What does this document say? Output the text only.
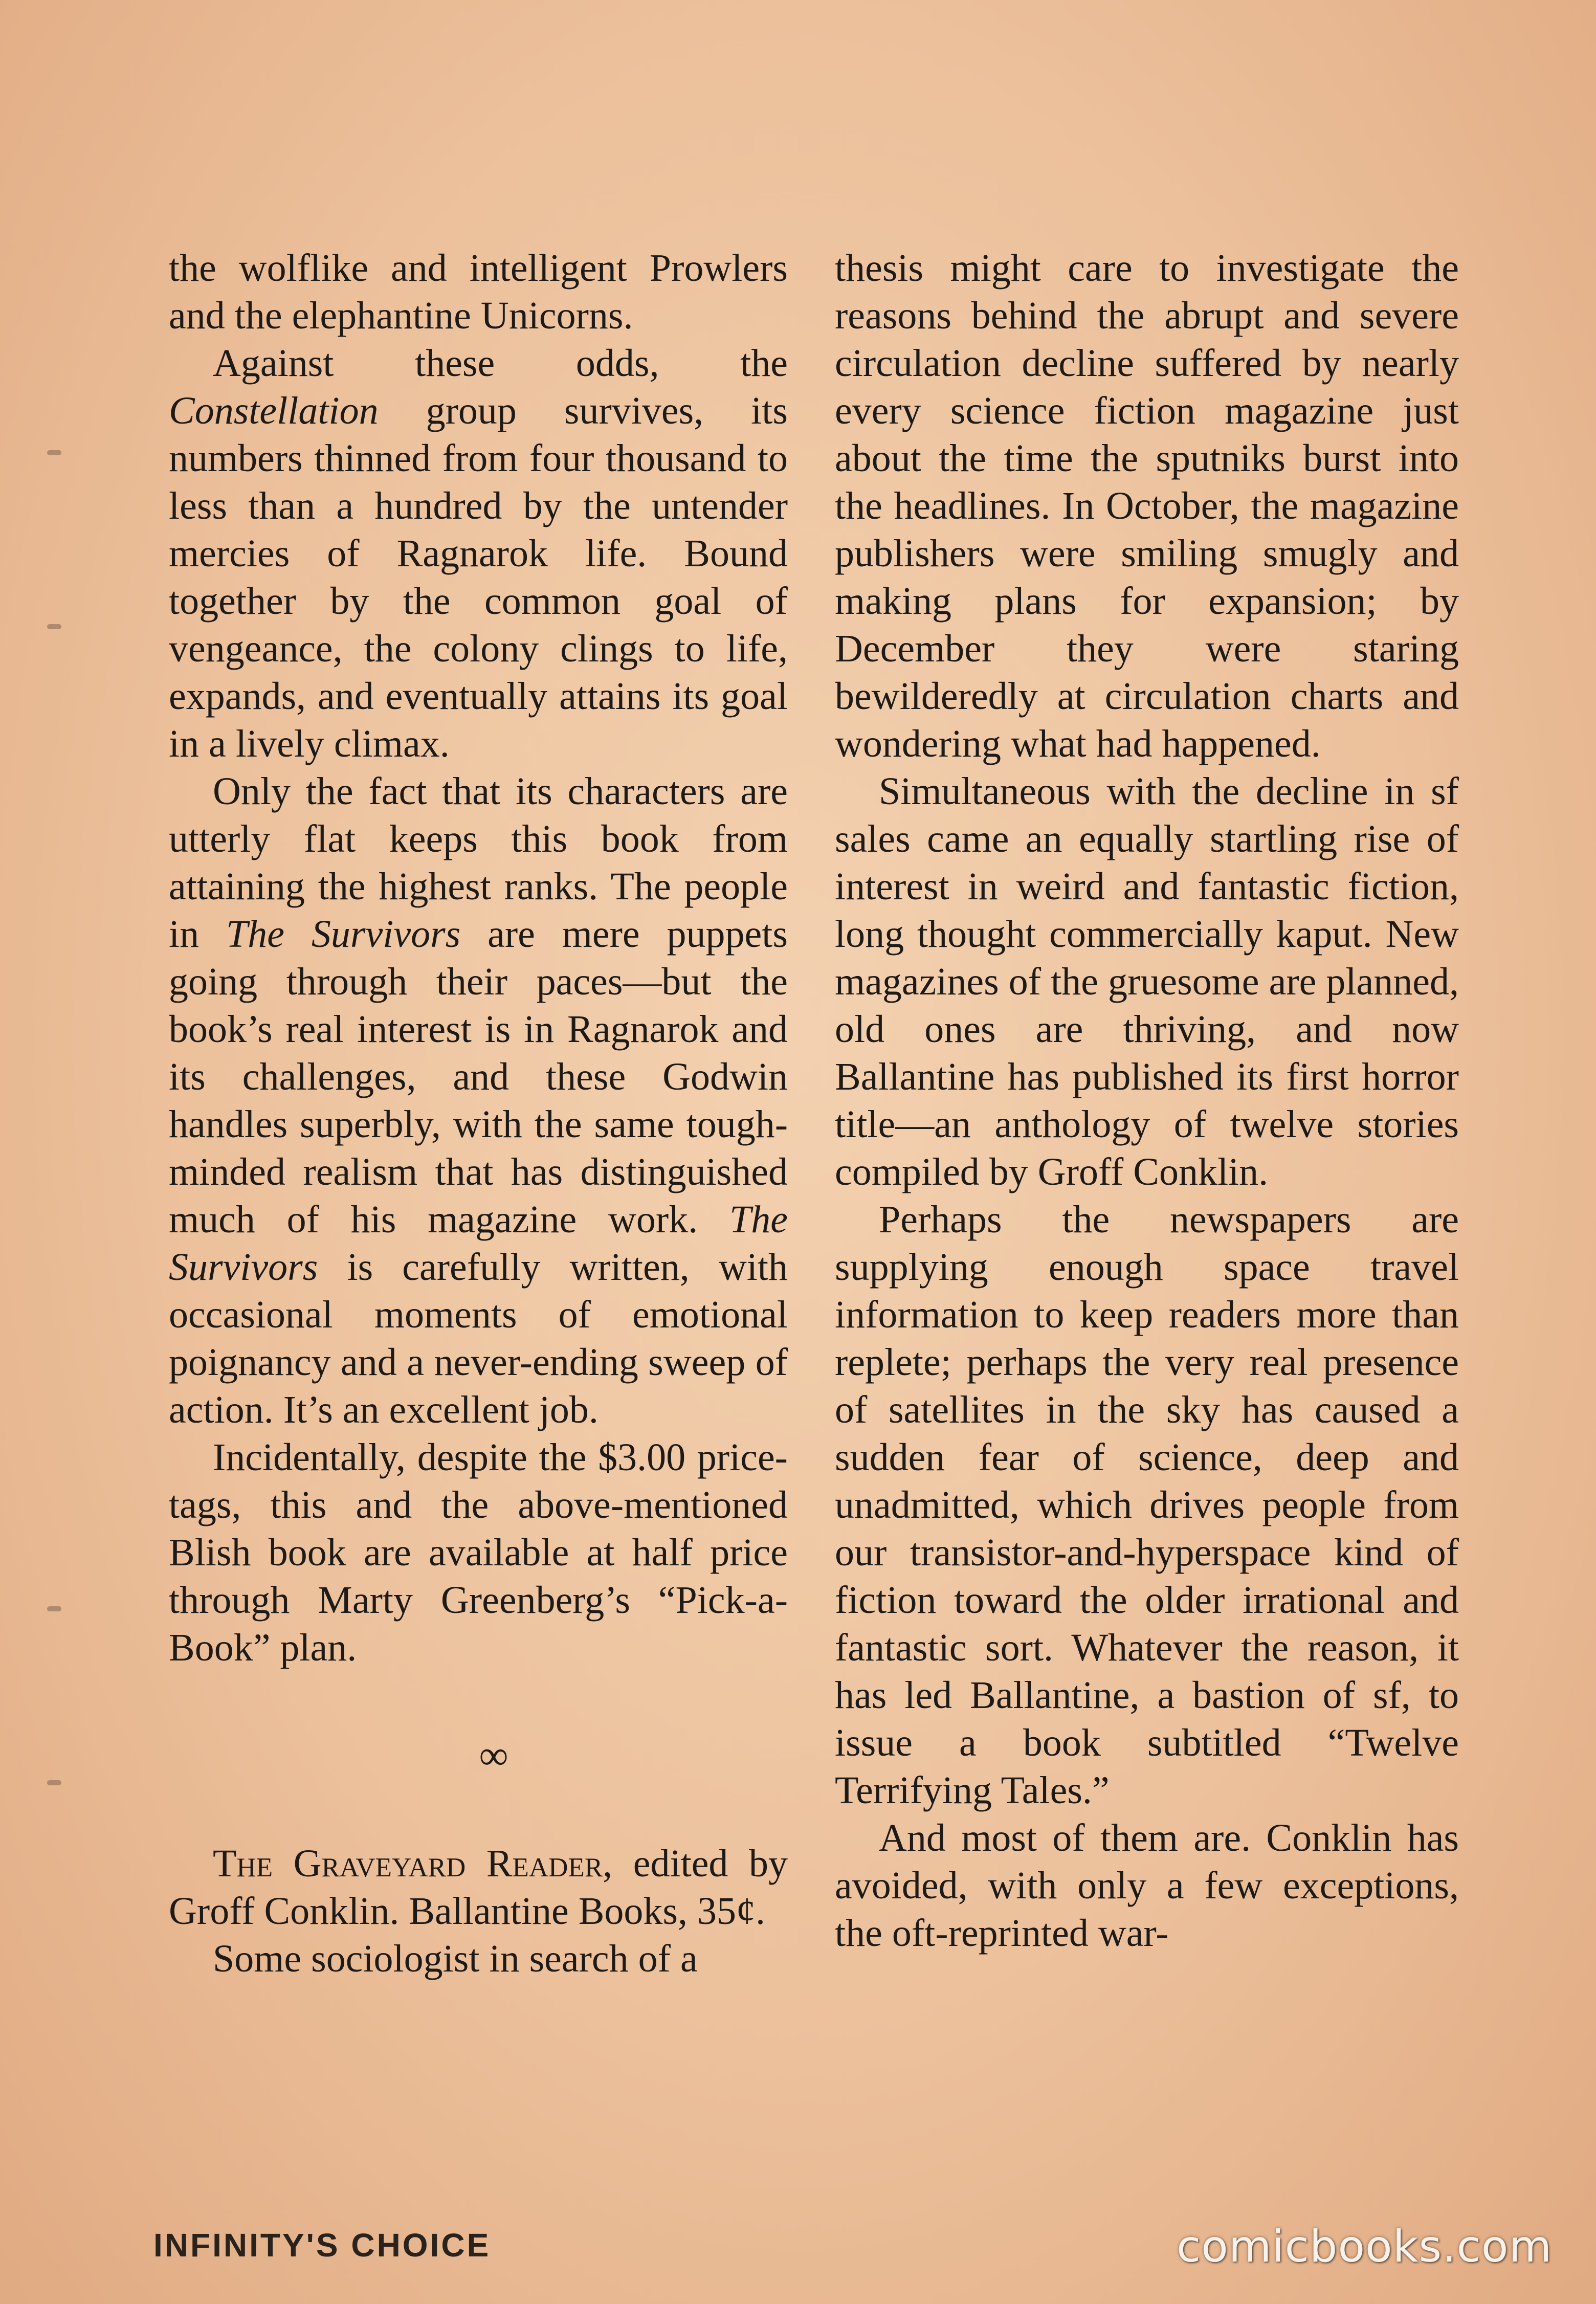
the wolflike and intelligent Prowlers and the elephantine Unicorns.

Against these odds, the Constellation group survives, its numbers thinned from four thousand to less than a hundred by the untender mercies of Ragnarok life. Bound together by the common goal of vengeance, the colony clings to life, expands, and eventually attains its goal in a lively climax.

Only the fact that its characters are utterly flat keeps this book from attaining the highest ranks. The people in The Survivors are mere puppets going through their paces—but the book’s real interest is in Ragnarok and its challenges, and these Godwin handles superbly, with the same tough-minded realism that has distinguished much of his magazine work. The Survivors is carefully written, with occasional moments of emotional poignancy and a never-ending sweep of action. It’s an excellent job.

Incidentally, despite the $3.00 price-tags, this and the above-mentioned Blish book are available at half price through Marty Greenberg’s “Pick-a-Book” plan.

∞

The Graveyard Reader, edited by Groff Conklin. Ballantine Books, 35¢.

Some sociologist in search of a

thesis might care to investigate the reasons behind the abrupt and severe circulation decline suffered by nearly every science fiction magazine just about the time the sputniks burst into the headlines. In October, the magazine publishers were smiling smugly and making plans for expansion; by December they were staring bewilderedly at circulation charts and wondering what had happened.

Simultaneous with the decline in sf sales came an equally startling rise of interest in weird and fantastic fiction, long thought commercially kaput. New magazines of the gruesome are planned, old ones are thriving, and now Ballantine has published its first horror title—an anthology of twelve stories compiled by Groff Conklin.

Perhaps the newspapers are supplying enough space travel information to keep readers more than replete; perhaps the very real presence of satellites in the sky has caused a sudden fear of science, deep and unadmitted, which drives people from our transistor-and-hyperspace kind of fiction toward the older irrational and fantastic sort. Whatever the reason, it has led Ballantine, a bastion of sf, to issue a book subtitled “Twelve Terrifying Tales.”

And most of them are. Conklin has avoided, with only a few exceptions, the oft-reprinted war-

INFINITY'S CHOICE	comicbooks.com
